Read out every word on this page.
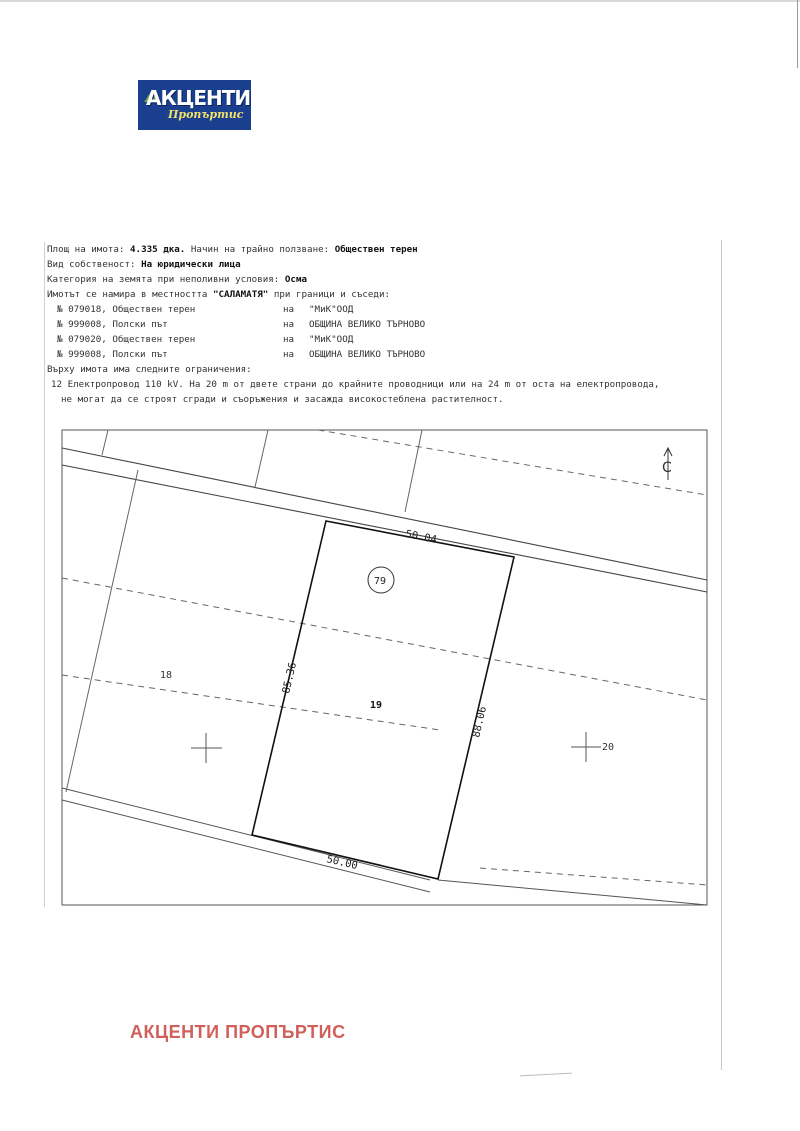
АКЦЕНТИ
Пропъртис
Площ на имота: 4.335 дка. Начин на трайно ползване: Обществен терен
Вид собственост: На юридически лица
Категория на земята при неполивни условия: Осма
Имотът се намира в местността "САЛАМАТЯ" при граници и съседи:
№ 079018, Обществен терен	на "МиК"ООД
№ 999008, Полски път	на ОБЩИНА ВЕЛИКО ТЪРНОВО
№ 079020, Обществен терен	на "МиК"ООД
№ 999008, Полски път	на ОБЩИНА ВЕЛИКО ТЪРНОВО
Върху имота има следните ограничения:
12 Електропровод 110 kV. На 20 m от двете страни до крайните проводници или на 24 m от оста на електропровода,
не могат да се строят сгради и съоръжения и засажда високостеблена растителност.
50.04
50.00
85.36
88.06
79
19
18
20
С
АКЦЕНТИ ПРОПЪРТИС
